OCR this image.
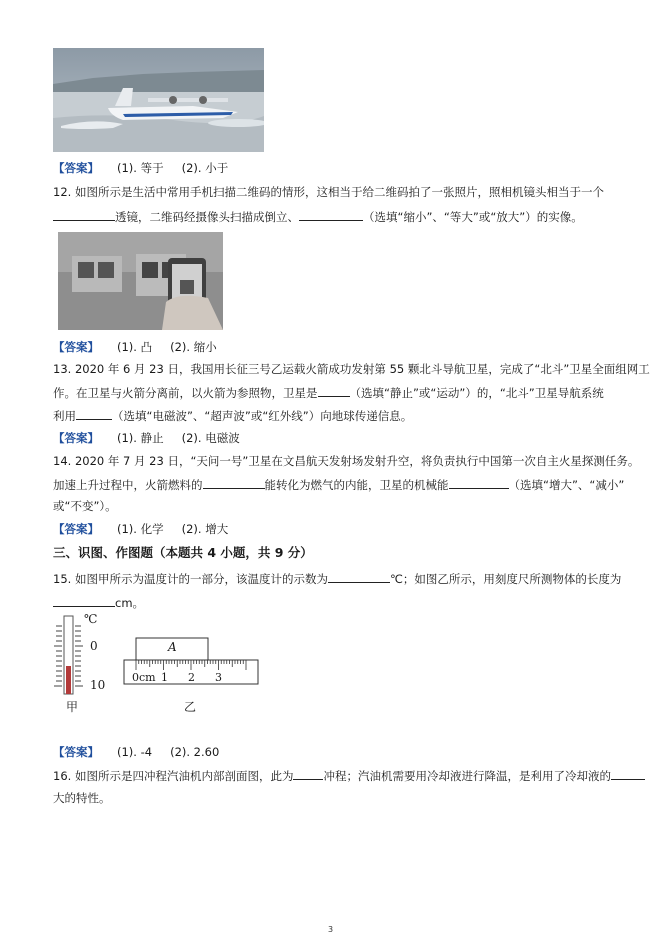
【答案】 (1). 等于 (2). 小于
12. 如图所示是生活中常用手机扫描二维码的情形，这相当于给二维码拍了一张照片，照相机镜头相当于一个
透镜，二维码经摄像头扫描成倒立、	（选填“缩小”、“等大”或“放大”）的实像。
【答案】 (1). 凸 (2). 缩小
13. 2020 年 6 月 23 日，我国用长征三号乙运载火箭成功发射第 55 颗北斗导航卫星，完成了“北斗”卫星全面组网工
作。在卫星与火箭分离前，以火箭为参照物，卫星是	（选填“静止”或“运动”）的，“北斗”卫星导航系统
利用	（选填“电磁波”、“超声波”或“红外线”）向地球传递信息。
【答案】 (1). 静止 (2). 电磁波
14. 2020 年 7 月 23 日，“天问一号”卫星在文昌航天发射场发射升空，将负责执行中国第一次自主火星探测任务。
加速上升过程中，火箭燃料的	能转化为燃气的内能，卫星的机械能	（选填“增大”、“减小”
或“不变”）。
【答案】 (1). 化学 (2). 增大
三、识图、作图题（本题共 4 小题，共 9 分）
15. 如图甲所示为温度计的一部分，该温度计的示数为	℃；如图乙所示，用刻度尺所测物体的长度为
cm。
℃
0
10
甲
A
0cm 1 2 3
乙
【答案】 (1). -4 (2). 2.60
16. 如图所示是四冲程汽油机内部剖面图，此为	冲程；汽油机需要用冷却液进行降温，是利用了冷却液的
大的特性。
3
